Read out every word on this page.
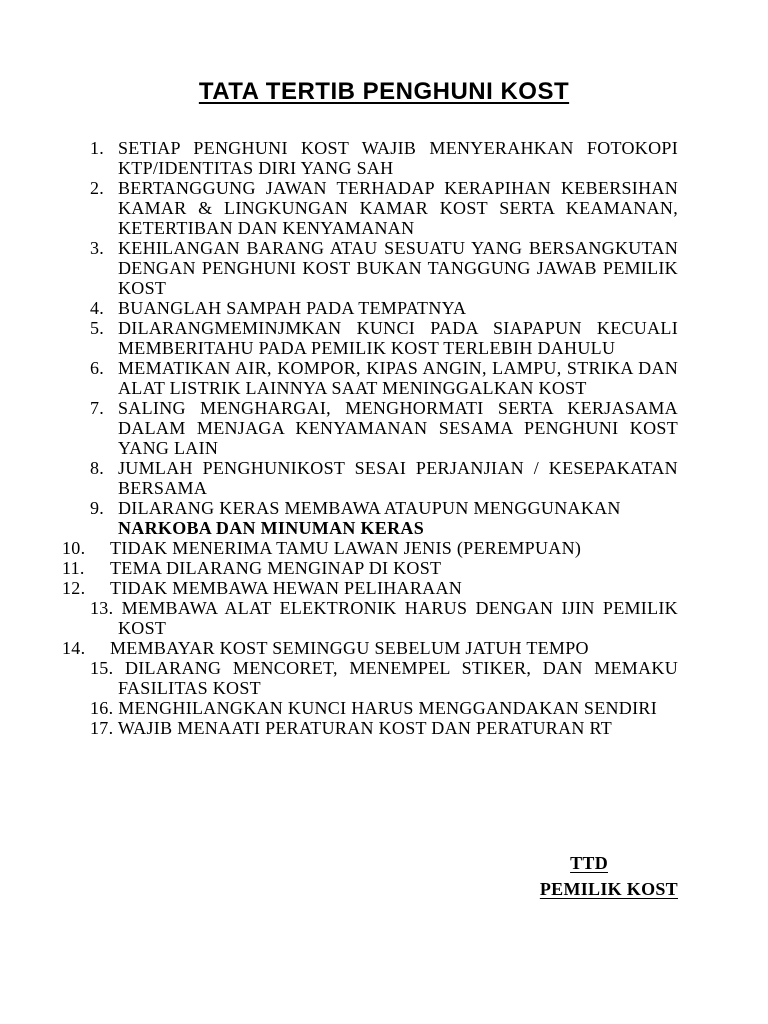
TATA TERTIB PENGHUNI KOST
1. SETIAP PENGHUNI KOST WAJIB MENYERAHKAN FOTOKOPI KTP/IDENTITAS DIRI YANG SAH
2. BERTANGGUNG JAWAN TERHADAP KERAPIHAN KEBERSIHAN KAMAR & LINGKUNGAN KAMAR KOST SERTA KEAMANAN, KETERTIBAN DAN KENYAMANAN
3. KEHILANGAN BARANG ATAU SESUATU YANG BERSANGKUTAN DENGAN PENGHUNI KOST BUKAN TANGGUNG JAWAB PEMILIK KOST
4. BUANGLAH SAMPAH PADA TEMPATNYA
5. DILARANGMEMINJMKAN KUNCI PADA SIAPAPUN KECUALI MEMBERITAHU PADA PEMILIK KOST TERLEBIH DAHULU
6. MEMATIKAN AIR, KOMPOR, KIPAS ANGIN, LAMPU, STRIKA DAN ALAT LISTRIK LAINNYA SAAT MENINGGALKAN KOST
7. SALING MENGHARGAI, MENGHORMATI SERTA KERJASAMA DALAM MENJAGA KENYAMANAN SESAMA PENGHUNI KOST YANG LAIN
8. JUMLAH PENGHUNIKOST SESAI PERJANJIAN / KESEPAKATAN BERSAMA
9. DILARANG KERAS MEMBAWA ATAUPUN MENGGUNAKAN
NARKOBA DAN MINUMAN KERAS
10. TIDAK MENERIMA TAMU LAWAN JENIS (PEREMPUAN)
11. TEMA DILARANG MENGINAP DI KOST
12. TIDAK MEMBAWA HEWAN PELIHARAAN
13. MEMBAWA ALAT ELEKTRONIK HARUS DENGAN IJIN PEMILIK KOST
14. MEMBAYAR KOST SEMINGGU SEBELUM JATUH TEMPO
15. DILARANG MENCORET, MENEMPEL STIKER, DAN MEMAKU FASILITAS KOST
16. MENGHILANGKAN KUNCI HARUS MENGGANDAKAN SENDIRI
17. WAJIB MENAATI PERATURAN KOST DAN PERATURAN RT
TTD
PEMILIK KOST
